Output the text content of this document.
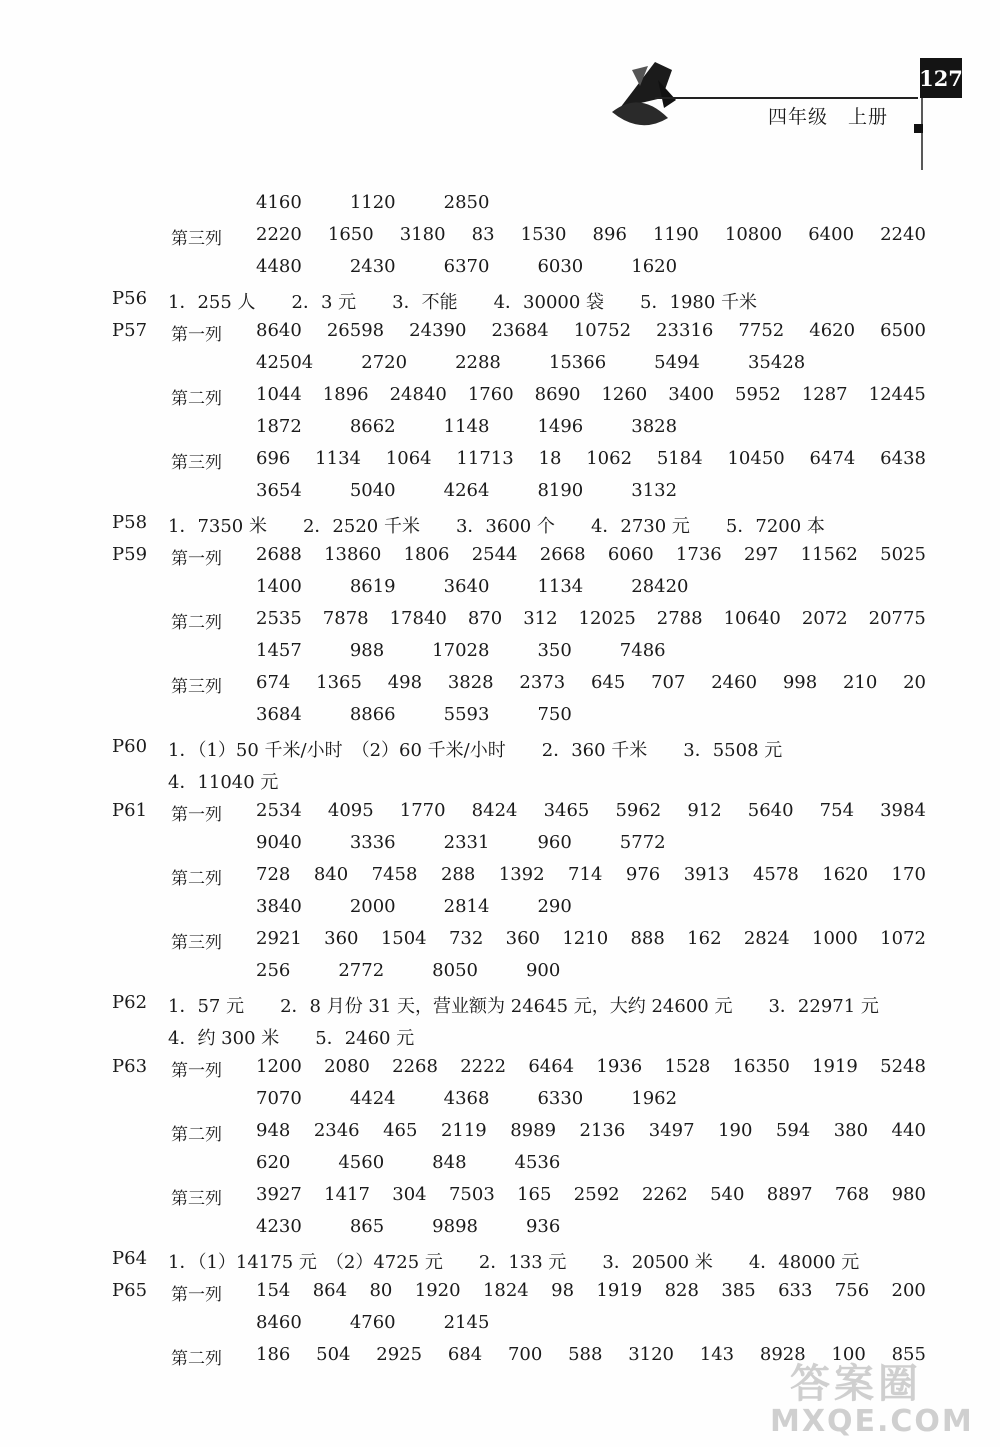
127
四年级　上册
4160	1120	2850
第三列 2220 1650 3180 83 1530 896 1190 10800 6400 2240
4480	2430	6370	6030	1620
P56 1．255 人　　2．3 元　　3．不能　　4．30000 袋　　5．1980 千米
P57 第一列 8640 26598 24390 23684 10752 23316 7752 4620 6500
42504	2720	2288	15366	5494	35428
第二列 1044 1896 24840 1760 8690 1260 3400 5952 1287 12445
1872	8662	1148	1496	3828
第三列 696 1134 1064 11713 18 1062 5184 10450 6474 6438
3654	5040	4264	8190	3132
P58 1．7350 米　　2．2520 千米　　3．3600 个　　4．2730 元　　5．7200 本
P59 第一列 2688 13860 1806 2544 2668 6060 1736 297 11562 5025
1400	8619	3640	1134	28420
第二列 2535 7878 17840 870 312 12025 2788 10640 2072 20775
1457	988	17028	350	7486
第三列 674 1365 498 3828 2373 645 707 2460 998 210 20
3684	8866	5593	750
P60 1．（1）50 千米/小时　（2）60 千米/小时　　2．360 千米　　3．5508 元
4．11040 元
P61 第一列 2534 4095 1770 8424 3465 5962 912 5640 754 3984
9040	3336	2331	960	5772
第二列 728 840 7458 288 1392 714 976 3913 4578 1620 170
3840	2000	2814	290
第三列 2921 360 1504 732 360 1210 888 162 2824 1000 1072
256	2772	8050	900
P62 1．57 元　　2．8 月份 31 天，营业额为 24645 元，大约 24600 元　　3．22971 元
4．约 300 米　　5．2460 元
P63 第一列 1200 2080 2268 2222 6464 1936 1528 16350 1919 5248
7070	4424	4368	6330	1962
第二列 948 2346 465 2119 8989 2136 3497 190 594 380 440
620	4560	848	4536
第三列 3927 1417 304 7503 165 2592 2262 540 8897 768 980
4230	865	9898	936
P64 1．（1）14175 元　（2）4725 元　　2．133 元　　3．20500 米　　4．48000 元
P65 第一列 154 864 80 1920 1824 98 1919 828 385 633 756 200
8460	4760	2145
第二列 186 504 2925 684 700 588 3120 143 8928 100 855
答案圈
MXQE.COM
